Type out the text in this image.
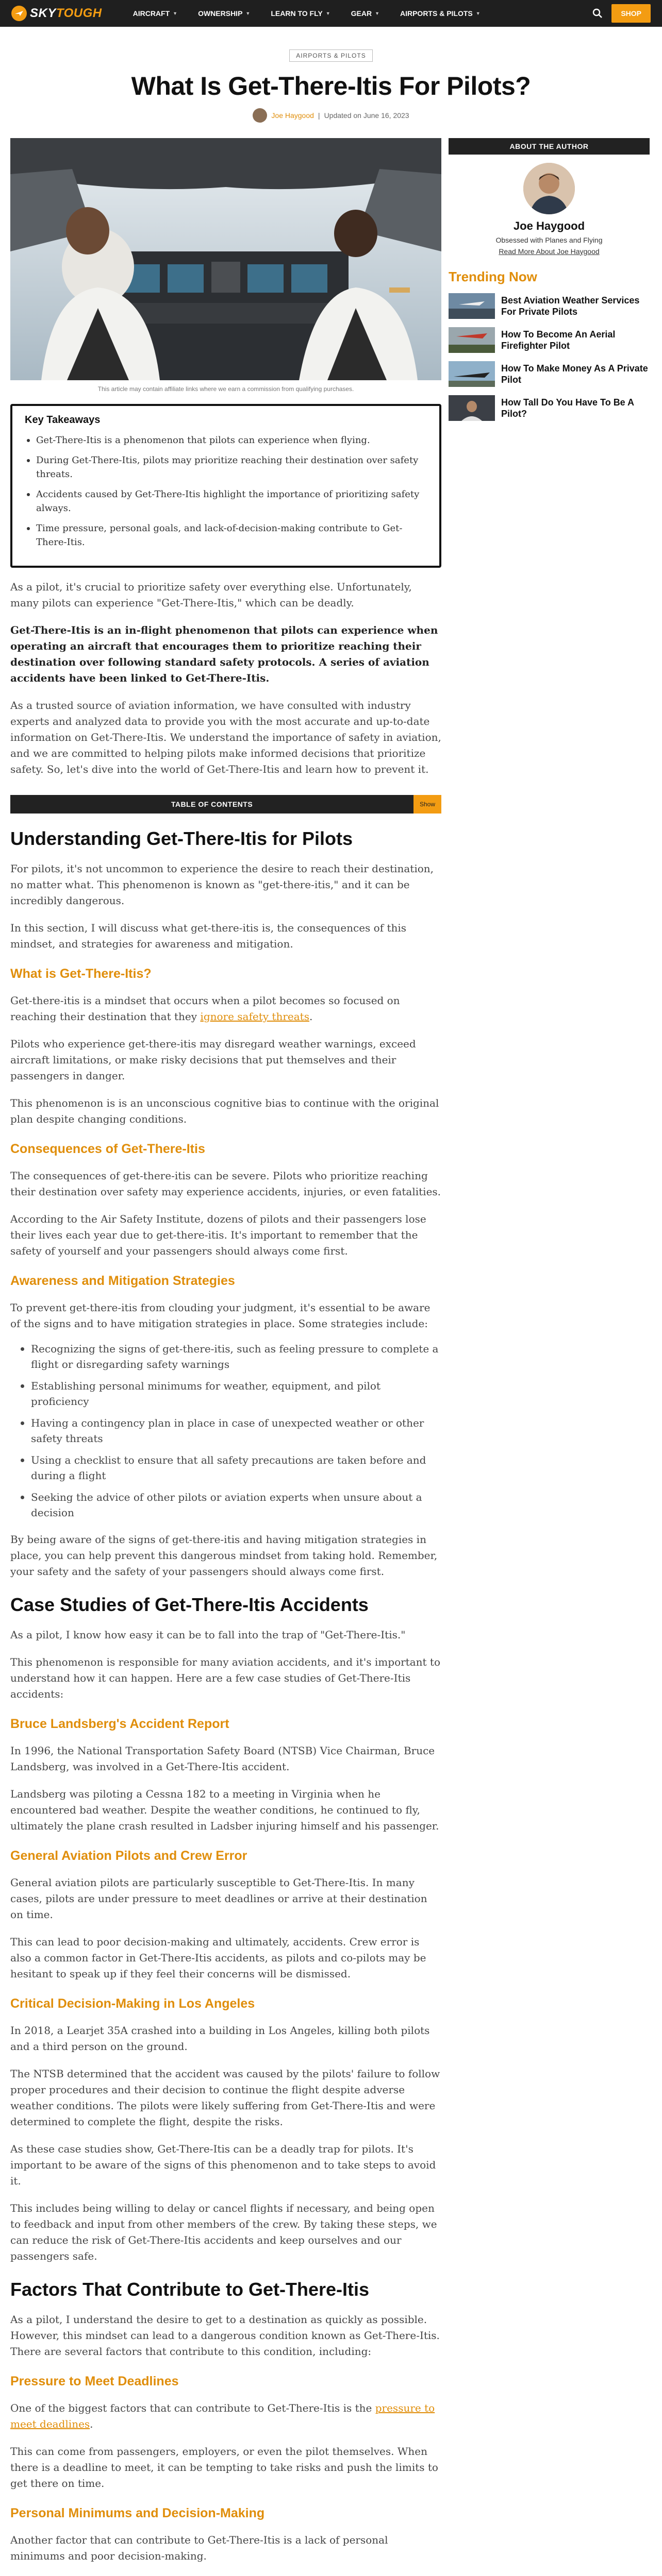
SKYTOUGH	AIRCRAFT ▼	OWNERSHIP ▼	LEARN TO FLY ▼	GEAR ▼	AIRPORTS & PILOTS ▼	SHOP
AIRPORTS & PILOTS
What Is Get-There-Itis For Pilots?
Joe Haygood | Updated on June 16, 2023
This article may contain affiliate links where we earn a commission from qualifying purchases.
Key Takeaways
Get-There-Itis is a phenomenon that pilots can experience when flying.
During Get-There-Itis, pilots may prioritize reaching their destination over safety threats.
Accidents caused by Get-There-Itis highlight the importance of prioritizing safety always.
Time pressure, personal goals, and lack-of-decision-making contribute to Get-There-Itis.

As a pilot, it's crucial to prioritize safety over everything else. Unfortunately, many pilots can experience "Get-There-Itis," which can be deadly.

Get-There-Itis is an in-flight phenomenon that pilots can experience when operating an aircraft that encourages them to prioritize reaching their destination over following standard safety protocols. A series of aviation accidents have been linked to Get-There-Itis.

As a trusted source of aviation information, we have consulted with industry experts and analyzed data to provide you with the most accurate and up-to-date information on Get-There-Itis. We understand the importance of safety in aviation, and we are committed to helping pilots make informed decisions that prioritize safety. So, let's dive into the world of Get-There-Itis and learn how to prevent it.

TABLE OF CONTENTS	Show
Understanding Get-There-Itis for Pilots

For pilots, it's not uncommon to experience the desire to reach their destination, no matter what. This phenomenon is known as "get-there-itis," and it can be incredibly dangerous.

In this section, I will discuss what get-there-itis is, the consequences of this mindset, and strategies for awareness and mitigation.

What is Get-There-Itis?

Get-there-itis is a mindset that occurs when a pilot becomes so focused on reaching their destination that they ignore safety threats.

Pilots who experience get-there-itis may disregard weather warnings, exceed aircraft limitations, or make risky decisions that put themselves and their passengers in danger.

This phenomenon is is an unconscious cognitive bias to continue with the original plan despite changing conditions.

Consequences of Get-There-Itis

The consequences of get-there-itis can be severe. Pilots who prioritize reaching their destination over safety may experience accidents, injuries, or even fatalities.

According to the Air Safety Institute, dozens of pilots and their passengers lose their lives each year due to get-there-itis. It's important to remember that the safety of yourself and your passengers should always come first.

Awareness and Mitigation Strategies

To prevent get-there-itis from clouding your judgment, it's essential to be aware of the signs and to have mitigation strategies in place. Some strategies include:

Recognizing the signs of get-there-itis, such as feeling pressure to complete a flight or disregarding safety warnings
Establishing personal minimums for weather, equipment, and pilot proficiency
Having a contingency plan in place in case of unexpected weather or other safety threats
Using a checklist to ensure that all safety precautions are taken before and during a flight
Seeking the advice of other pilots or aviation experts when unsure about a decision

By being aware of the signs of get-there-itis and having mitigation strategies in place, you can help prevent this dangerous mindset from taking hold. Remember, your safety and the safety of your passengers should always come first.

Case Studies of Get-There-Itis Accidents

As a pilot, I know how easy it can be to fall into the trap of "Get-There-Itis."

This phenomenon is responsible for many aviation accidents, and it's important to understand how it can happen. Here are a few case studies of Get-There-Itis accidents:

Bruce Landsberg's Accident Report

In 1996, the National Transportation Safety Board (NTSB) Vice Chairman, Bruce Landsberg, was involved in a Get-There-Itis accident.

Landsberg was piloting a Cessna 182 to a meeting in Virginia when he encountered bad weather. Despite the weather conditions, he continued to fly, ultimately the plane crash resulted in Ladsber injuring himself and his passenger.

General Aviation Pilots and Crew Error

General aviation pilots are particularly susceptible to Get-There-Itis. In many cases, pilots are under pressure to meet deadlines or arrive at their destination on time.

This can lead to poor decision-making and ultimately, accidents. Crew error is also a common factor in Get-There-Itis accidents, as pilots and co-pilots may be hesitant to speak up if they feel their concerns will be dismissed.

Critical Decision-Making in Los Angeles

In 2018, a Learjet 35A crashed into a building in Los Angeles, killing both pilots and a third person on the ground.

The NTSB determined that the accident was caused by the pilots' failure to follow proper procedures and their decision to continue the flight despite adverse weather conditions. The pilots were likely suffering from Get-There-Itis and were determined to complete the flight, despite the risks.

As these case studies show, Get-There-Itis can be a deadly trap for pilots. It's important to be aware of the signs of this phenomenon and to take steps to avoid it.

This includes being willing to delay or cancel flights if necessary, and being open to feedback and input from other members of the crew. By taking these steps, we can reduce the risk of Get-There-Itis accidents and keep ourselves and our passengers safe.

Factors That Contribute to Get-There-Itis

As a pilot, I understand the desire to get to a destination as quickly as possible. However, this mindset can lead to a dangerous condition known as Get-There-Itis. There are several factors that contribute to this condition, including:

Pressure to Meet Deadlines

One of the biggest factors that can contribute to Get-There-Itis is the pressure to meet deadlines.

This can come from passengers, employers, or even the pilot themselves. When there is a deadline to meet, it can be tempting to take risks and push the limits to get there on time.

Personal Minimums and Decision-Making

Another factor that can contribute to Get-There-Itis is a lack of personal minimums and poor decision-making.

ABOUT THE AUTHOR
Joe Haygood
Obsessed with Planes and Flying
Read More About Joe Haygood
Trending Now
Best Aviation Weather Services For Private Pilots
How To Become An Aerial Firefighter Pilot
How To Make Money As A Private Pilot
How Tall Do You Have To Be A Pilot?
